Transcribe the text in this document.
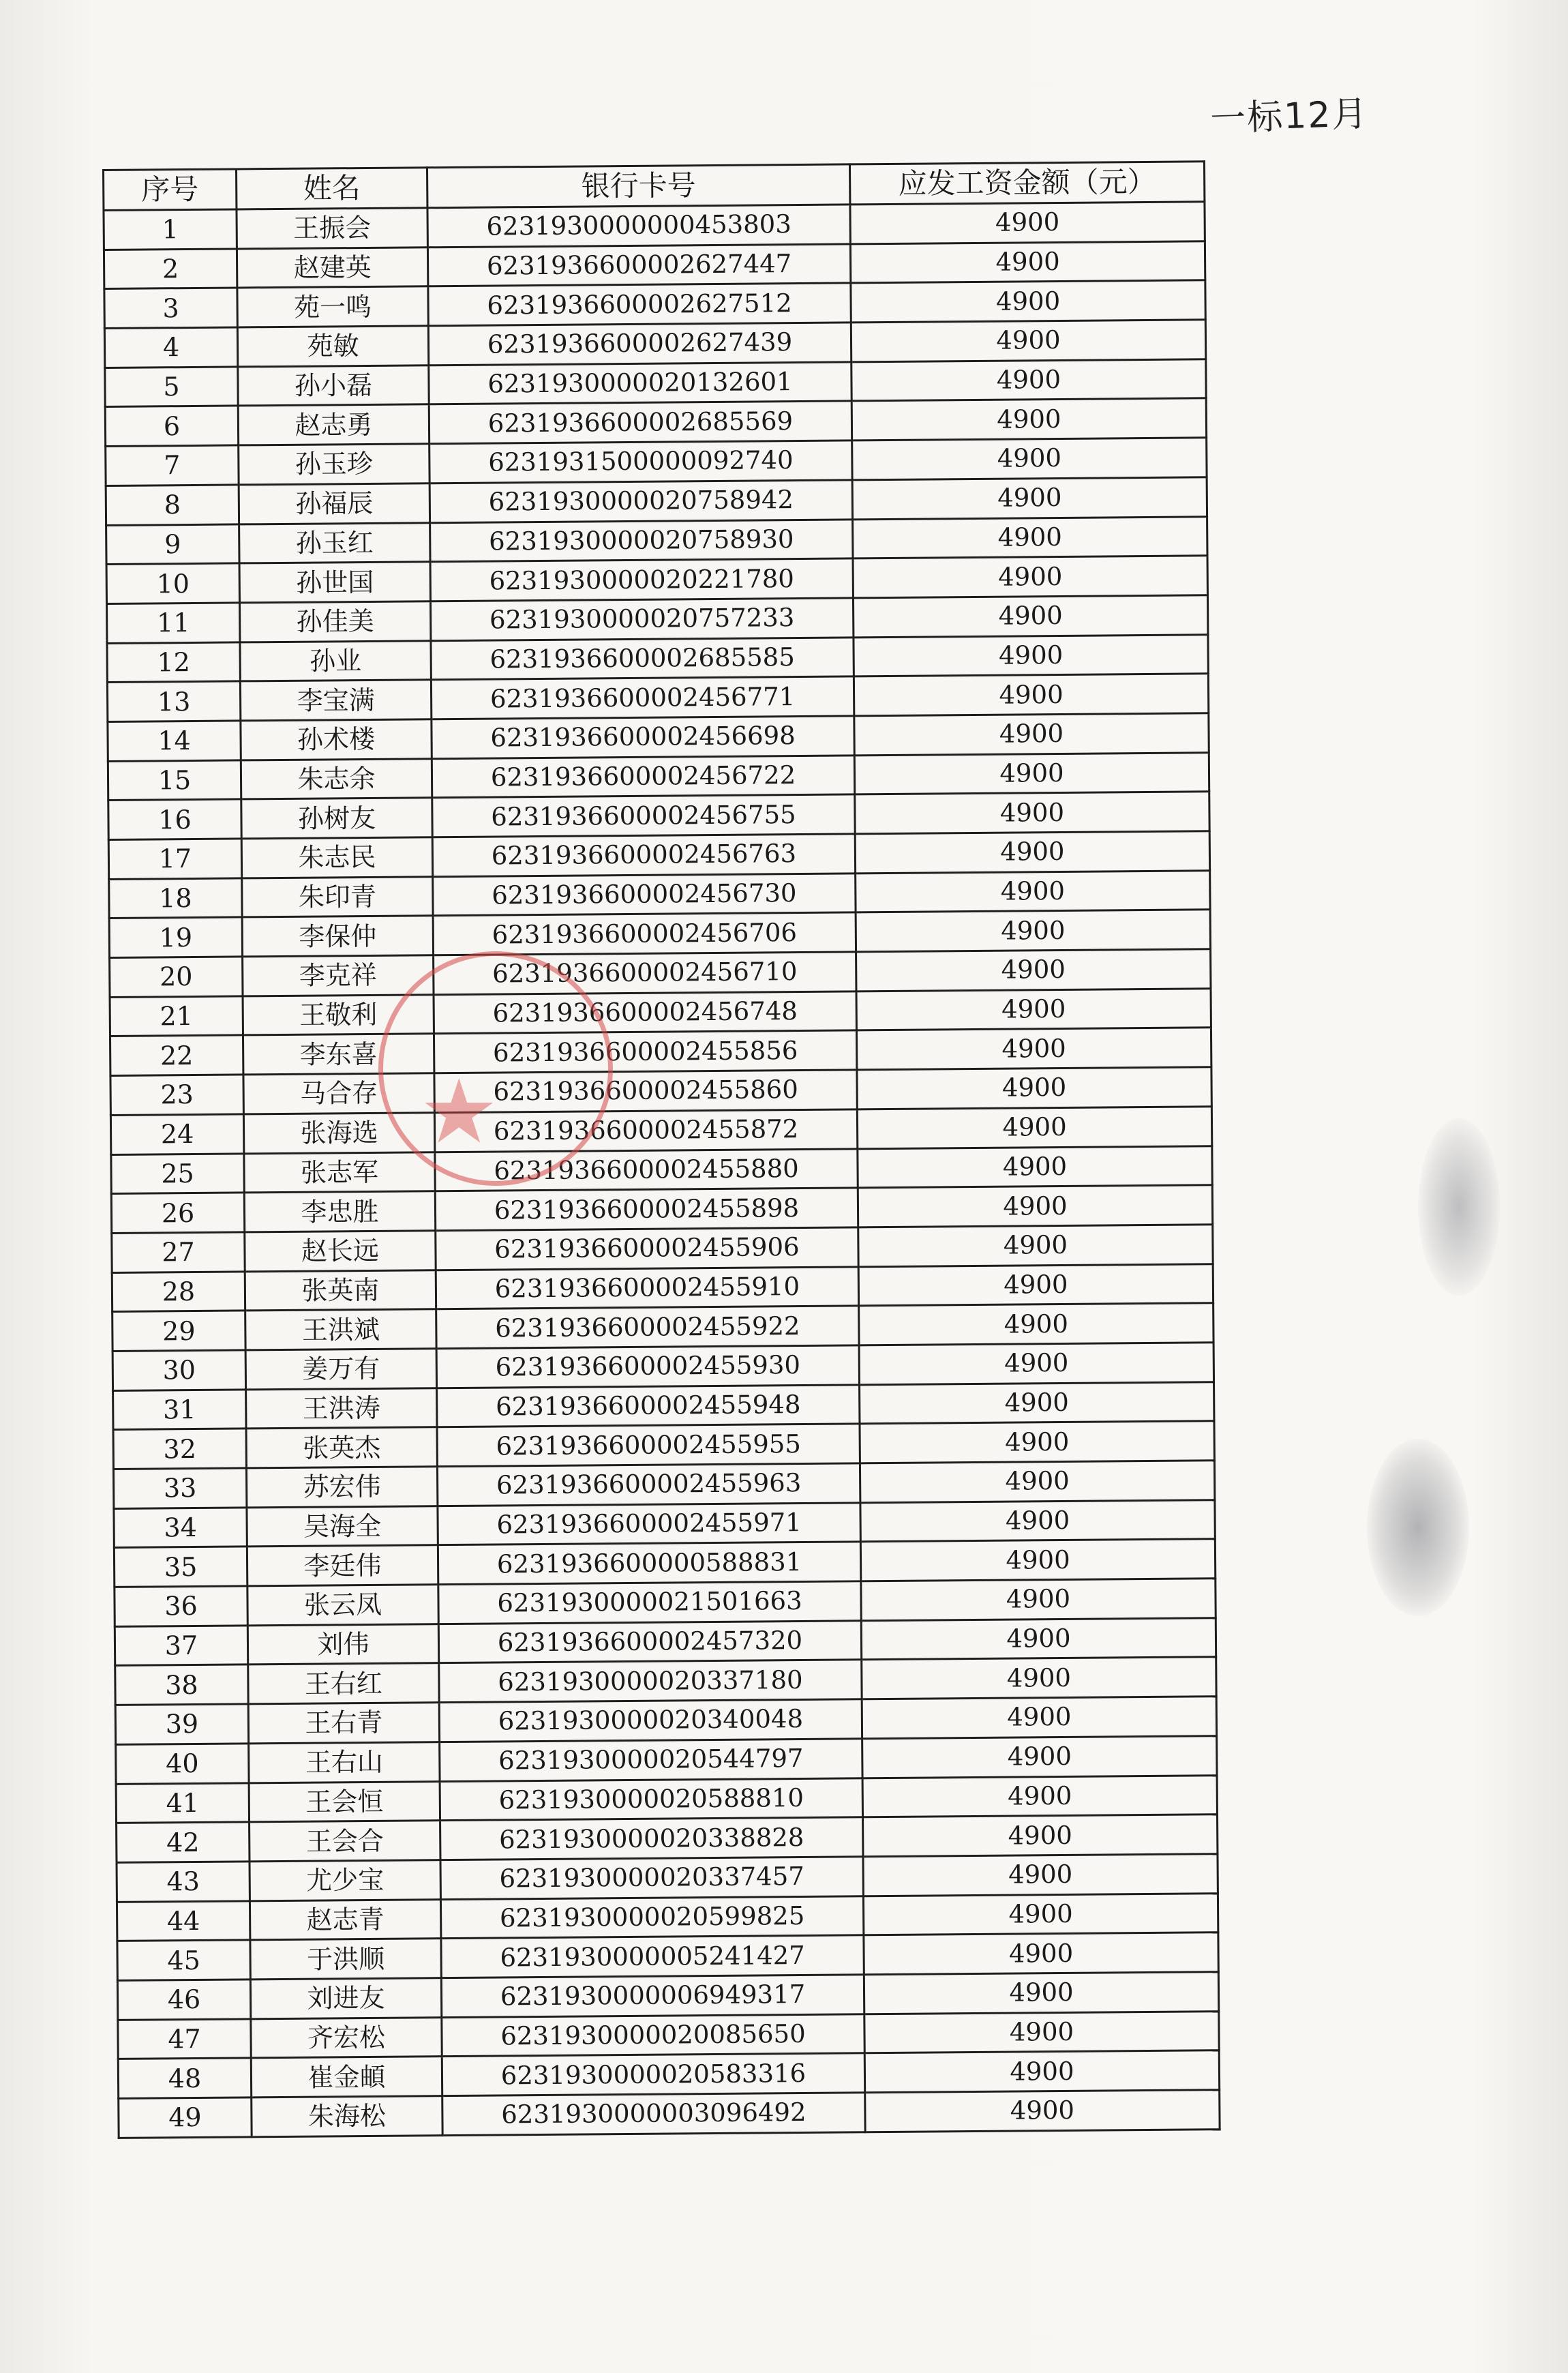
一标12月
序号	姓名	银行卡号	应发工资金额（元）
1	王振会	6231930000000453803	4900
2	赵建英	6231936600002627447	4900
3	苑一鸣	6231936600002627512	4900
4	苑敏	6231936600002627439	4900
5	孙小磊	6231930000020132601	4900
6	赵志勇	6231936600002685569	4900
7	孙玉珍	6231931500000092740	4900
8	孙福辰	6231930000020758942	4900
9	孙玉红	6231930000020758930	4900
10	孙世国	6231930000020221780	4900
11	孙佳美	6231930000020757233	4900
12	孙业	6231936600002685585	4900
13	李宝满	6231936600002456771	4900
14	孙术楼	6231936600002456698	4900
15	朱志余	6231936600002456722	4900
16	孙树友	6231936600002456755	4900
17	朱志民	6231936600002456763	4900
18	朱印青	6231936600002456730	4900
19	李保仲	6231936600002456706	4900
20	李克祥	6231936600002456710	4900
21	王敬利	6231936600002456748	4900
22	李东喜	6231936600002455856	4900
23	马合存	6231936600002455860	4900
24	张海选	6231936600002455872	4900
25	张志军	6231936600002455880	4900
26	李忠胜	6231936600002455898	4900
27	赵长远	6231936600002455906	4900
28	张英南	6231936600002455910	4900
29	王洪斌	6231936600002455922	4900
30	姜万有	6231936600002455930	4900
31	王洪涛	6231936600002455948	4900
32	张英杰	6231936600002455955	4900
33	苏宏伟	6231936600002455963	4900
34	吴海全	6231936600002455971	4900
35	李廷伟	6231936600000588831	4900
36	张云凤	6231930000021501663	4900
37	刘伟	6231936600002457320	4900
38	王右红	6231930000020337180	4900
39	王右青	6231930000020340048	4900
40	王右山	6231930000020544797	4900
41	王会恒	6231930000020588810	4900
42	王会合	6231930000020338828	4900
43	尤少宝	6231930000020337457	4900
44	赵志青	6231930000020599825	4900
45	于洪顺	6231930000005241427	4900
46	刘进友	6231930000006949317	4900
47	齐宏松	6231930000020085650	4900
48	崔金頔	6231930000020583316	4900
49	朱海松	6231930000003096492	4900
★
